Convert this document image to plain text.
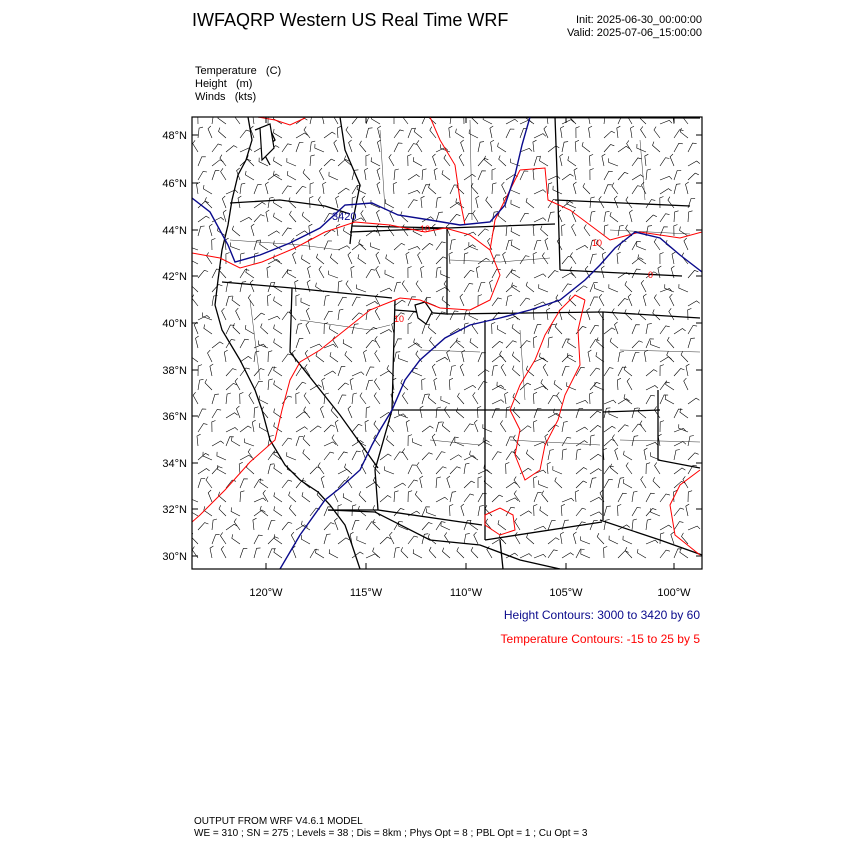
IWFAQRP Western US Real Time WRF	Init: 2025-06-30_00:00:00
Valid: 2025-07-06_15:00:00
Temperature   (C)
Height   (m)
Winds   (kts)
3420
10
10
10
0
48°N
46°N
44°N
42°N
40°N
38°N
36°N
34°N
32°N
30°N
120°W	115°W	110°W	105°W	100°W
Height Contours: 3000 to 3420 by 60
Temperature Contours: -15 to 25 by 5
OUTPUT FROM WRF V4.6.1 MODEL
WE = 310 ; SN = 275 ; Levels = 38 ; Dis = 8km ; Phys Opt = 8 ; PBL Opt = 1 ; Cu Opt = 3
